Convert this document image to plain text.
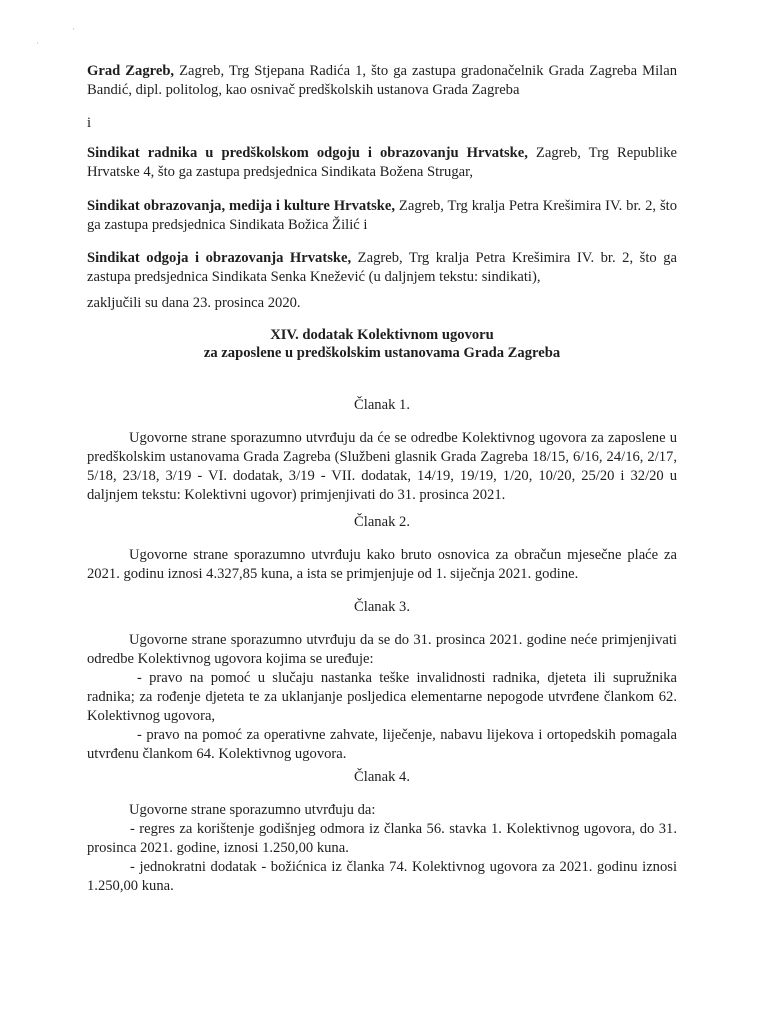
·
·

Grad Zagreb, Zagreb, Trg Stjepana Radića 1, što ga zastupa gradonačelnik Grada Zagreba Milan Bandić, dipl. politolog, kao osnivač predškolskih ustanova Grada Zagreba

i

Sindikat radnika u predškolskom odgoju i obrazovanju Hrvatske, Zagreb, Trg Republike Hrvatske 4, što ga zastupa predsjednica Sindikata Božena Strugar,

Sindikat obrazovanja, medija i kulture Hrvatske, Zagreb, Trg kralja Petra Krešimira IV. br. 2, što ga zastupa predsjednica Sindikata Božica Žilić i

Sindikat odgoja i obrazovanja Hrvatske, Zagreb, Trg kralja Petra Krešimira IV. br. 2, što ga zastupa predsjednica Sindikata Senka Knežević (u daljnjem tekstu: sindikati),

zaključili su dana 23. prosinca 2020.

XIV. dodatak Kolektivnom ugovoru

za zaposlene u predškolskim ustanovama Grada Zagreba

Članak 1.

Ugovorne strane sporazumno utvrđuju da će se odredbe Kolektivnog ugovora za zaposlene u predškolskim ustanovama Grada Zagreba (Službeni glasnik Grada Zagreba 18/15, 6/16, 24/16, 2/17, 5/18, 23/18, 3/19 - VI. dodatak, 3/19 - VII. dodatak, 14/19, 19/19, 1/20, 10/20, 25/20 i 32/20 u daljnjem tekstu: Kolektivni ugovor) primjenjivati do 31. prosinca 2021.

Članak 2.

Ugovorne strane sporazumno utvrđuju kako bruto osnovica za obračun mjesečne plaće za 2021. godinu iznosi 4.327,85 kuna, a ista se primjenjuje od 1. siječnja 2021. godine.

Članak 3.

Ugovorne strane sporazumno utvrđuju da se do 31. prosinca 2021. godine neće primjenjivati odredbe Kolektivnog ugovora kojima se uređuje:

- pravo na pomoć u slučaju nastanka teške invalidnosti radnika, djeteta ili supružnika radnika; za rođenje djeteta te za uklanjanje posljedica elementarne nepogode utvrđene člankom 62. Kolektivnog ugovora,

- pravo na pomoć za operativne zahvate, liječenje, nabavu lijekova i ortopedskih pomagala utvrđenu člankom 64. Kolektivnog ugovora.

Članak 4.

Ugovorne strane sporazumno utvrđuju da:

- regres za korištenje godišnjeg odmora iz članka 56. stavka 1. Kolektivnog ugovora, do 31. prosinca 2021. godine, iznosi 1.250,00 kuna.

- jednokratni dodatak - božićnica iz članka 74. Kolektivnog ugovora za 2021. godinu iznosi 1.250,00 kuna.
